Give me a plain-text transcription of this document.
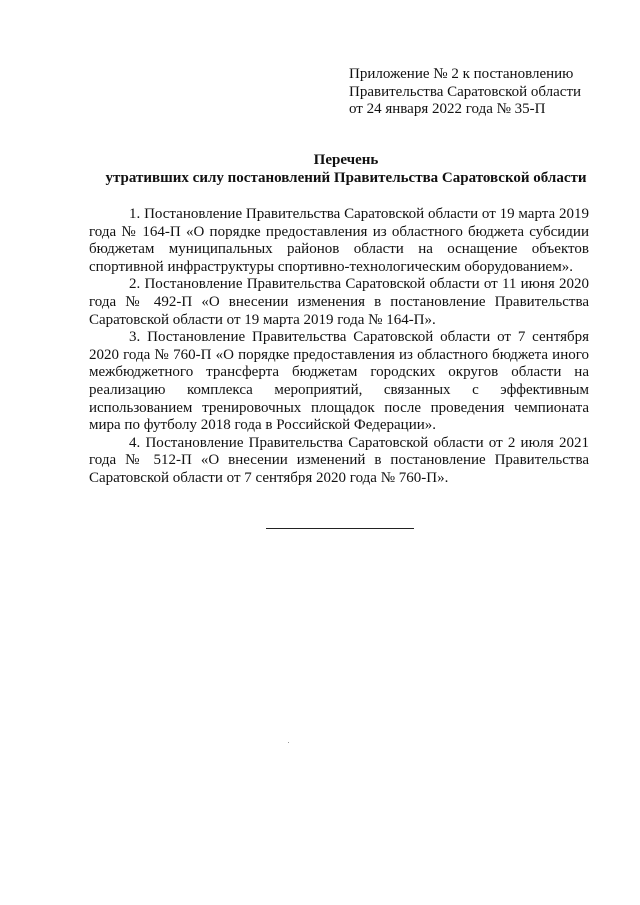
Приложение № 2 к постановлению
Правительства Саратовской области
от 24 января 2022 года № 35-П
Перечень
утративших силу постановлений Правительства Саратовской области

1. Постановление Правительства Саратовской области от 19 марта 2019 года № 164-П «О порядке предоставления из областного бюджета субсидии бюджетам муниципальных районов области на оснащение объектов спортивной инфраструктуры спортивно-технологическим оборудованием».

2. Постановление Правительства Саратовской области от 11 июня 2020 года № 492-П «О внесении изменения в постановление Правительства Саратовской области от 19 марта 2019 года № 164-П».

3. Постановление Правительства Саратовской области от 7 сентября 2020 года № 760-П «О порядке предоставления из областного бюджета иного межбюджетного трансферта бюджетам городских округов области на реализацию комплекса мероприятий, связанных с эффективным использованием тренировочных площадок после проведения чемпионата мира по футболу 2018 года в Российской Федерации».

4. Постановление Правительства Саратовской области от 2 июля 2021 года № 512-П «О внесении изменений в постановление Правительства Саратовской области от 7 сентября 2020 года № 760-П».
